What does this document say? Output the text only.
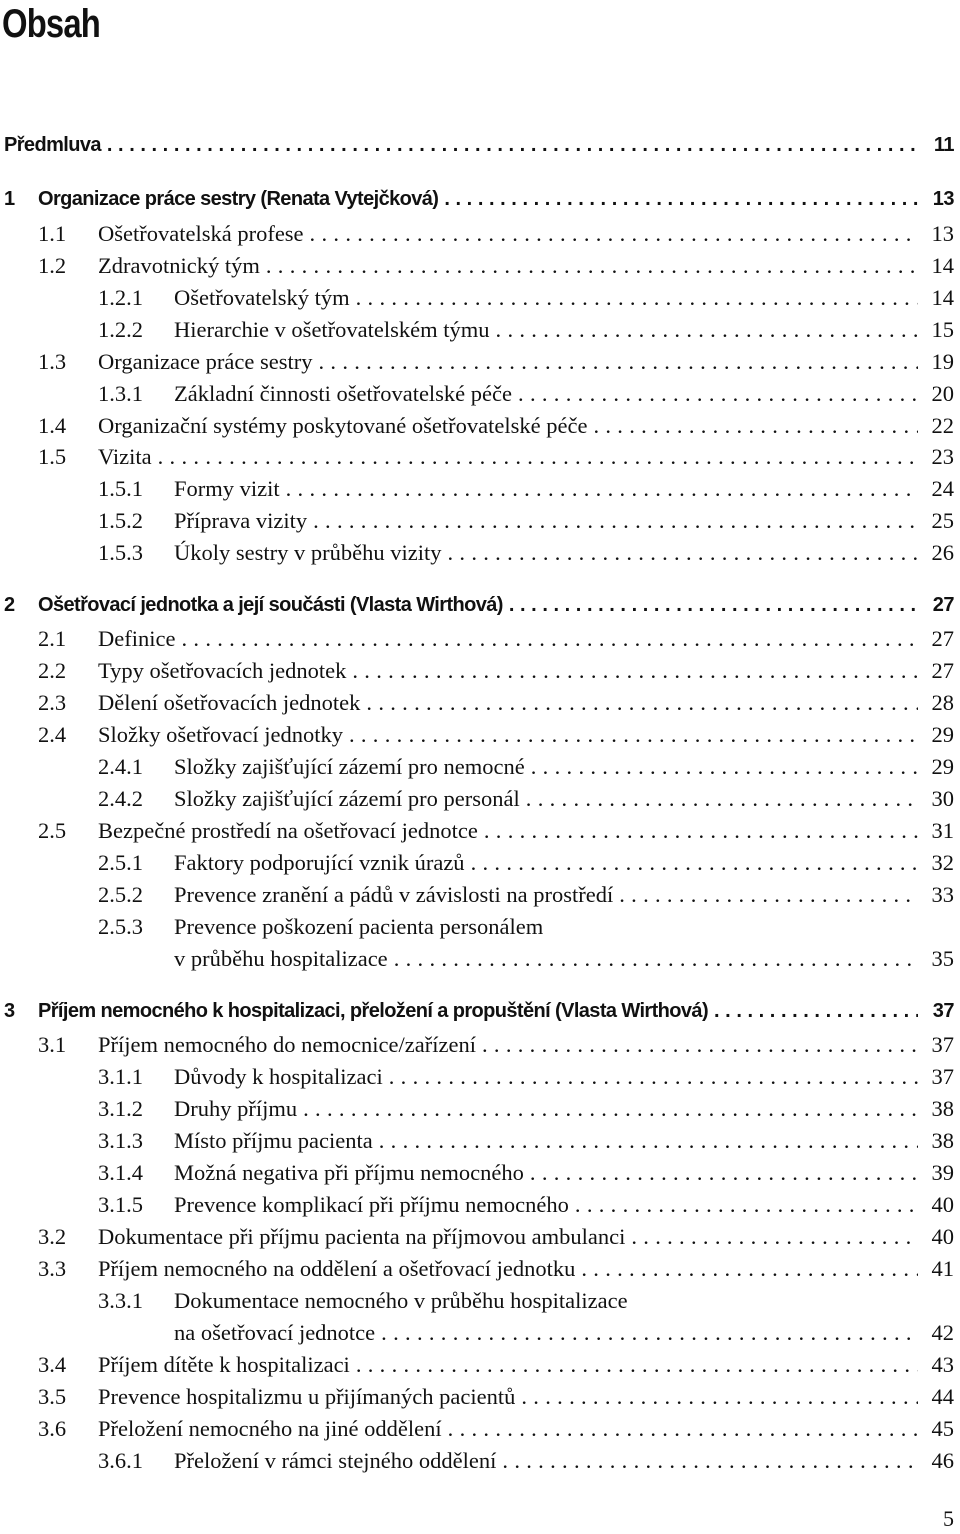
Obsah
Předmluva .....	11
1 Organizace práce sestry (Renata Vytejčková) .....	13
1.1 Ošetřovatelská profese .....	13
1.2 Zdravotnický tým .....	14
1.2.1 Ošetřovatelský tým .....	14
1.2.2 Hierarchie v ošetřovatelském týmu .....	15
1.3 Organizace práce sestry .....	19
1.3.1 Základní činnosti ošetřovatelské péče .....	20
1.4 Organizační systémy poskytované ošetřovatelské péče .....	22
1.5 Vizita .....	23
1.5.1 Formy vizit .....	24
1.5.2 Příprava vizity .....	25
1.5.3 Úkoly sestry v průběhu vizity .....	26
2 Ošetřovací jednotka a její součásti (Vlasta Wirthová) .....	27
2.1 Definice .....	27
2.2 Typy ošetřovacích jednotek .....	27
2.3 Dělení ošetřovacích jednotek .....	28
2.4 Složky ošetřovací jednotky .....	29
2.4.1 Složky zajišťující zázemí pro nemocné .....	29
2.4.2 Složky zajišťující zázemí pro personál .....	30
2.5 Bezpečné prostředí na ošetřovací jednotce .....	31
2.5.1 Faktory podporující vznik úrazů .....	32
2.5.2 Prevence zranění a pádů v závislosti na prostředí .....	33
2.5.3 Prevence poškození pacienta personálem
v průběhu hospitalizace .....	35
3 Příjem nemocného k hospitalizaci, přeložení a propuštění (Vlasta Wirthová) .....	37
3.1 Příjem nemocného do nemocnice/zařízení .....	37
3.1.1 Důvody k hospitalizaci .....	37
3.1.2 Druhy příjmu .....	38
3.1.3 Místo příjmu pacienta .....	38
3.1.4 Možná negativa při příjmu nemocného .....	39
3.1.5 Prevence komplikací při příjmu nemocného .....	40
3.2 Dokumentace při příjmu pacienta na příjmovou ambulanci .....	40
3.3 Příjem nemocného na oddělení a ošetřovací jednotku .....	41
3.3.1 Dokumentace nemocného v průběhu hospitalizace
na ošetřovací jednotce .....	42
3.4 Příjem dítěte k hospitalizaci .....	43
3.5 Prevence hospitalizmu u přijímaných pacientů .....	44
3.6 Přeložení nemocného na jiné oddělení .....	45
3.6.1 Přeložení v rámci stejného oddělení .....	46
5
